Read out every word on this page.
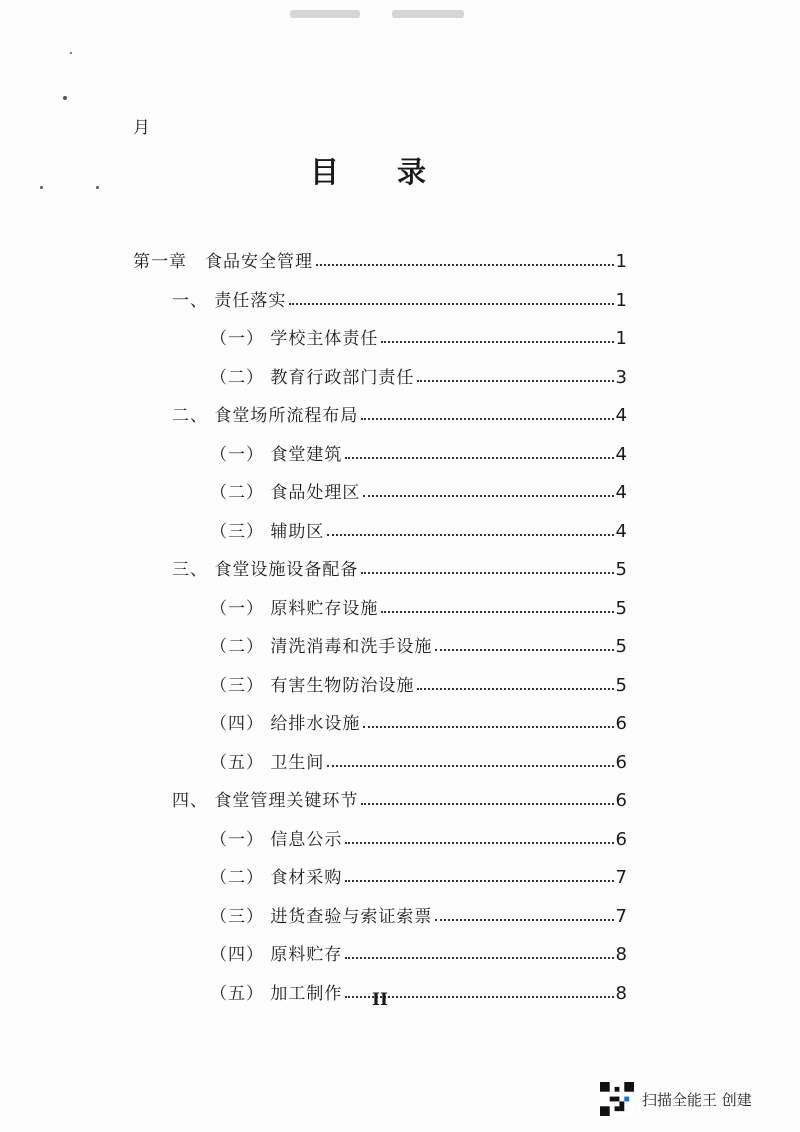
月
目 录
第一章　食品安全管理	1
一、 责任落实	1
（一） 学校主体责任	1
（二） 教育行政部门责任	3
二、 食堂场所流程布局	4
（一） 食堂建筑	4
（二） 食品处理区	4
（三） 辅助区	4
三、 食堂设施设备配备	5
（一） 原料贮存设施	5
（二） 清洗消毒和洗手设施	5
（三） 有害生物防治设施	5
（四） 给排水设施	6
（五） 卫生间	6
四、 食堂管理关键环节	6
（一） 信息公示	6
（二） 食材采购	7
（三） 进货查验与索证索票	7
（四） 原料贮存	8
（五） 加工制作	8
II
扫描全能王 创建
